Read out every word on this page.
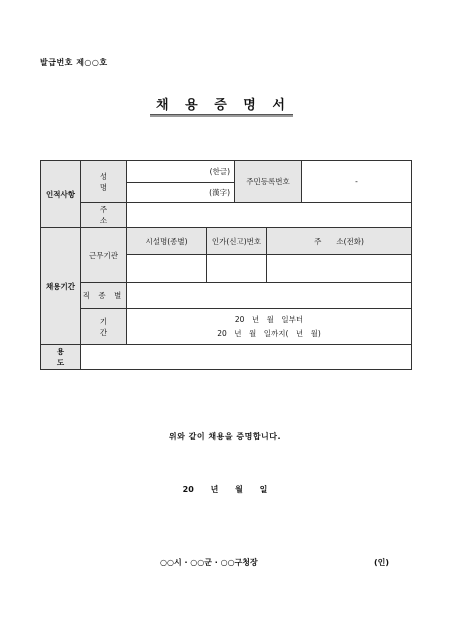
발급번호 제○○호
채 용 증 명 서
인적사항	성 명	(한글)		주민등록번호		-
		(漢字)				
	주 소					
채용기간	근무기관	시설명(종별)	인가(신고)번호		주　　소(전화)	

	직 종 별					
	기 간	20　년　월　일부터
20　년　월　일까지(　년　월)				

용 도						
위와 같이 채용을 증명합니다.
20 년 월 일
○○시 · ○○군 · ○○구청장	(인)
